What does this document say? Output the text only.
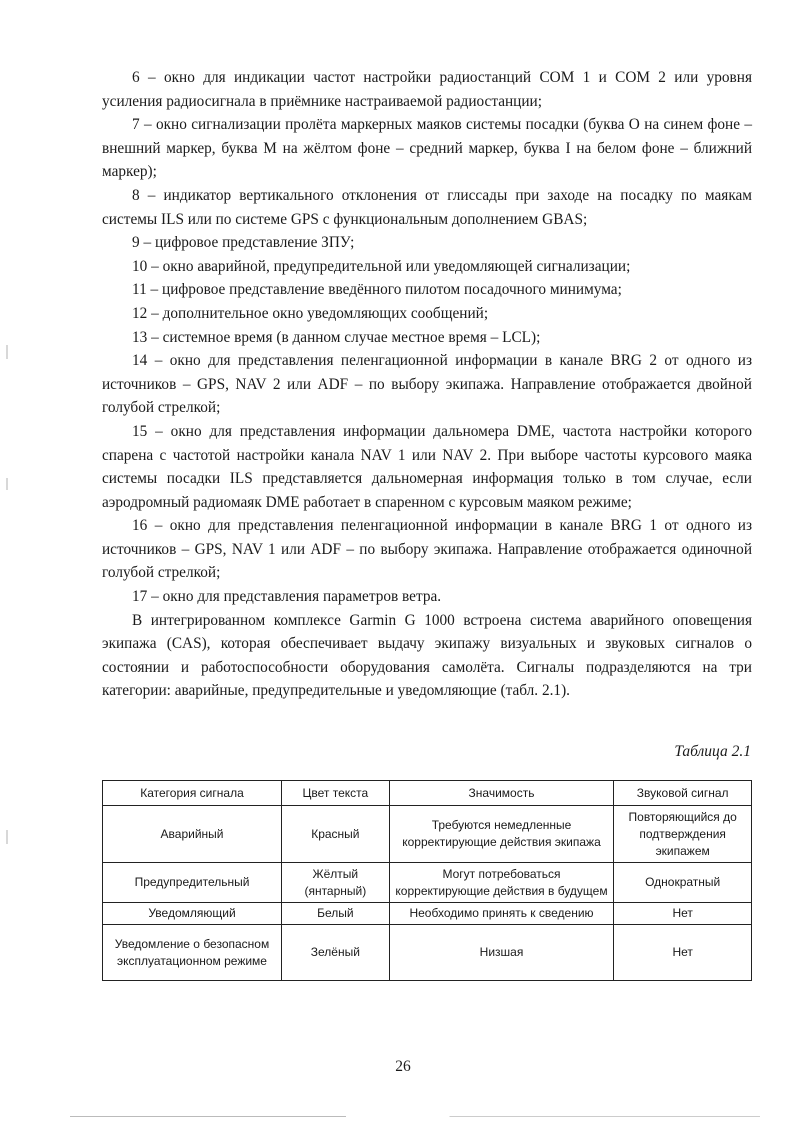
6 – окно для индикации частот настройки радиостанций COM 1 и COM 2 или уровня усиления радиосигнала в приёмнике настраиваемой радиостанции;

7 – окно сигнализации пролёта маркерных маяков системы посадки (буква О на синем фоне – внешний маркер, буква М на жёлтом фоне – средний маркер, буква I на белом фоне – ближний маркер);

8 – индикатор вертикального отклонения от глиссады при заходе на посадку по маякам системы ILS или по системе GPS с функциональным дополнением GBAS;

9 – цифровое представление ЗПУ;

10 – окно аварийной, предупредительной или уведомляющей сигнализации;

11 – цифровое представление введённого пилотом посадочного минимума;

12 – дополнительное окно уведомляющих сообщений;

13 – системное время (в данном случае местное время – LCL);

14 – окно для представления пеленгационной информации в канале BRG 2 от одного из источников – GPS, NAV 2 или ADF – по выбору экипажа. Направление отображается двойной голубой стрелкой;

15 – окно для представления информации дальномера DME, частота настройки которого спарена с частотой настройки канала NAV 1 или NAV 2. При выборе частоты курсового маяка системы посадки ILS представляется дальномерная информация только в том случае, если аэродромный радиомаяк DME работает в спаренном с курсовым маяком режиме;

16 – окно для представления пеленгационной информации в канале BRG 1 от одного из источников – GPS, NAV 1 или ADF – по выбору экипажа. Направление отображается одиночной голубой стрелкой;

17 – окно для представления параметров ветра.

В интегрированном комплексе Garmin G 1000 встроена система аварийного оповещения экипажа (CAS), которая обеспечивает выдачу экипажу визуальных и звуковых сигналов о состоянии и работоспособности оборудования самолёта. Сигналы подразделяются на три категории: аварийные, предупредительные и уведомляющие (табл. 2.1).

Таблица 2.1
Категория сигнала	Цвет текста	Значимость	Звуковой сигнал
Аварийный	Красный	Требуются немедленные корректирующие действия экипажа	Повторяющийся до подтверждения экипажем
Предупредительный	Жёлтый (янтарный)	Могут потребоваться корректирующие действия в будущем	Однократный
Уведомляющий	Белый	Необходимо принять к сведению	Нет
Уведомление о безопасном эксплуатационном режиме	Зелёный	Низшая	Нет
26
